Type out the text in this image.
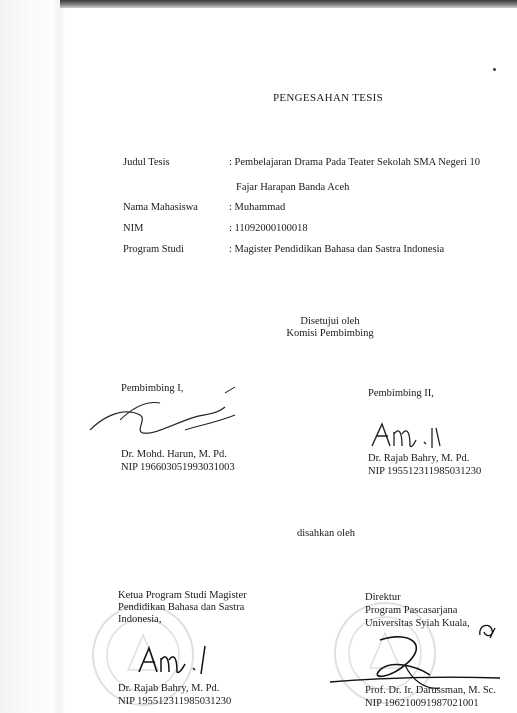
PENGESAHAN TESIS
Judul Tesis	: Pembelajaran Drama Pada Teater Sekolah SMA Negeri 10
Fajar Harapan Banda Aceh
Nama Mahasiswa	: Muhammad
NIM	: 11092000100018
Program Studi	: Magister Pendidikan Bahasa dan Sastra Indonesia
Disetujui oleh
Komisi Pembimbing
Pembimbing I,
Dr. Mohd. Harun, M. Pd.
NIP 196603051993031003
Pembimbing II,
Dr. Rajab Bahry, M. Pd.
NIP 195512311985031230
disahkan oleh
Ketua Program Studi Magister
Pendidikan Bahasa dan Sastra
Indonesia,
Dr. Rajab Bahry, M. Pd.
NIP 195512311985031230
Direktur
Program Pascasarjana
Universitas Syiah Kuala,
Prof. Dr. Ir. Darussman, M. Sc.
NIP 196210091987021001
